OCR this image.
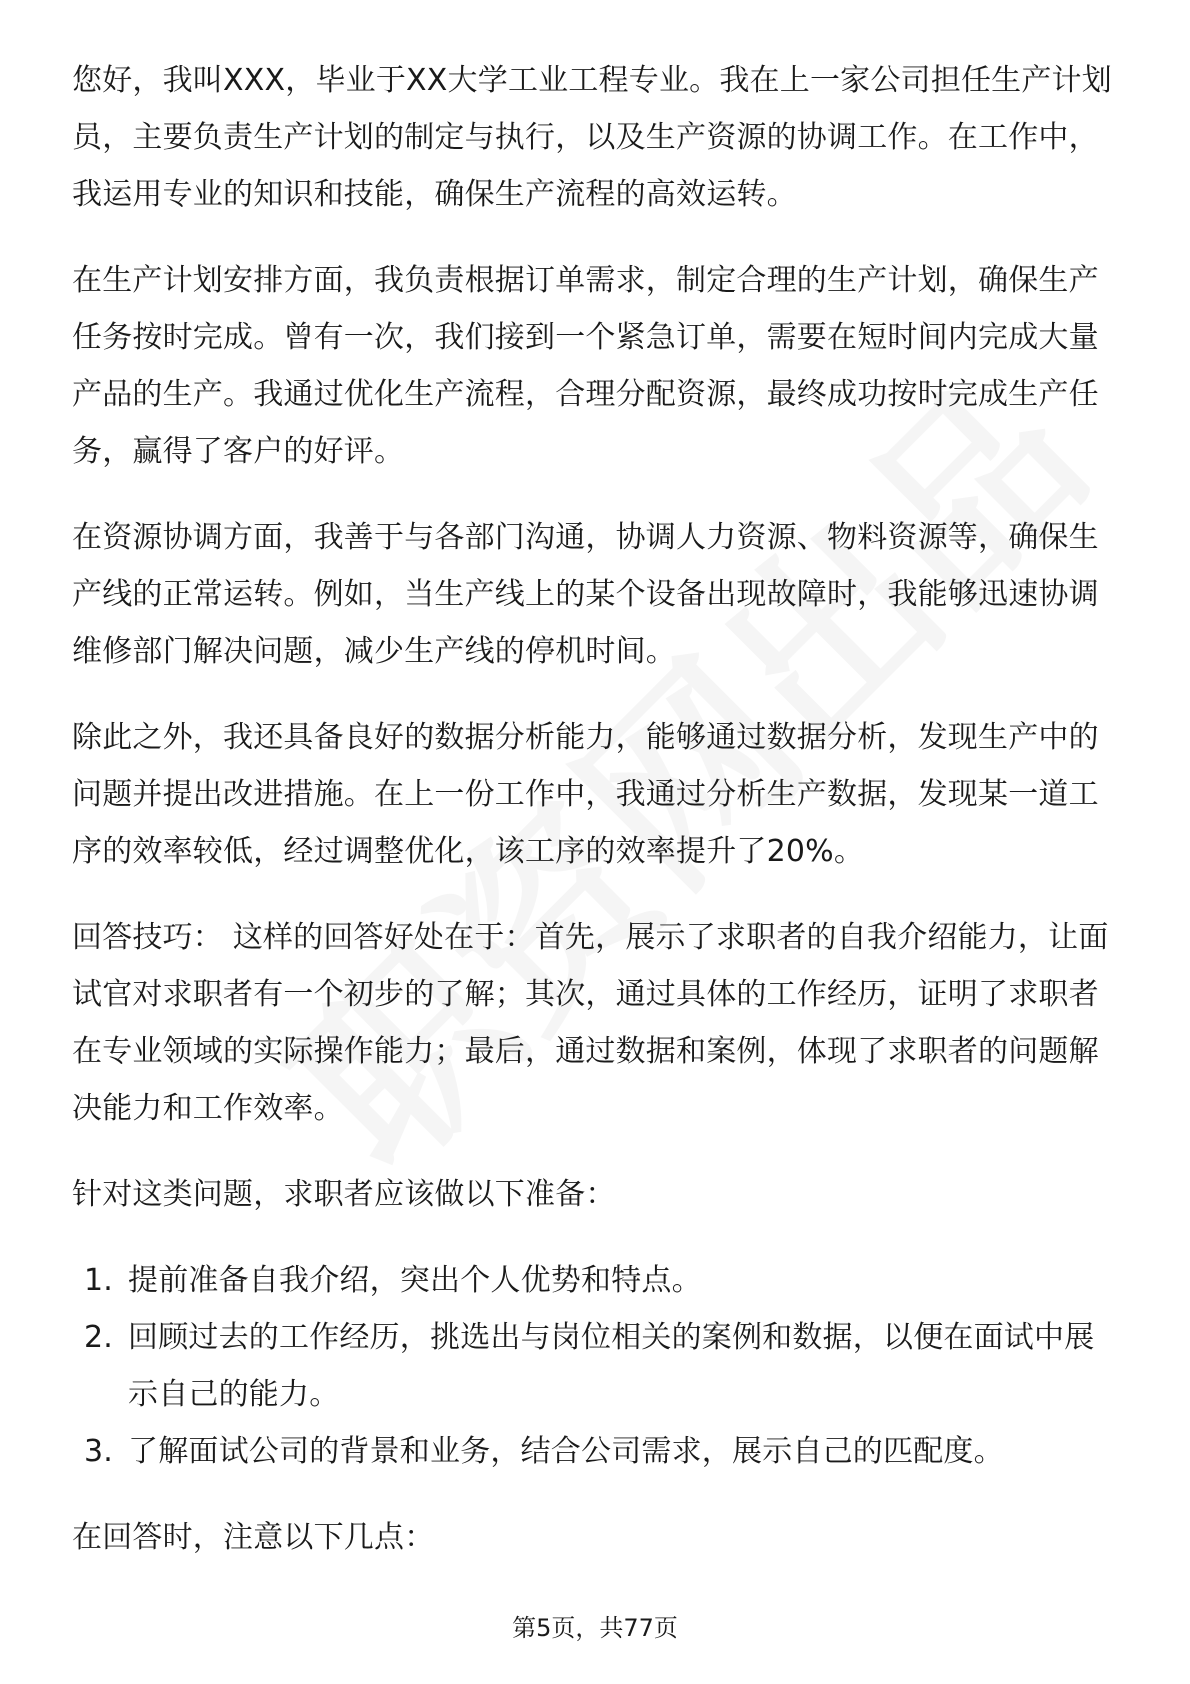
您好，我叫XXX，毕业于XX大学工业工程专业。我在上一家公司担任生产计划员，主要负责生产计划的制定与执行，以及生产资源的协调工作。在工作中，我运用专业的知识和技能，确保生产流程的高效运转。

在生产计划安排方面，我负责根据订单需求，制定合理的生产计划，确保生产任务按时完成。曾有一次，我们接到一个紧急订单，需要在短时间内完成大量产品的生产。我通过优化生产流程，合理分配资源，最终成功按时完成生产任务，赢得了客户的好评。

在资源协调方面，我善于与各部门沟通，协调人力资源、物料资源等，确保生产线的正常运转。例如，当生产线上的某个设备出现故障时，我能够迅速协调维修部门解决问题，减少生产线的停机时间。

除此之外，我还具备良好的数据分析能力，能够通过数据分析，发现生产中的问题并提出改进措施。在上一份工作中，我通过分析生产数据，发现某一道工序的效率较低，经过调整优化，该工序的效率提升了20%。

回答技巧： 这样的回答好处在于：首先，展示了求职者的自我介绍能力，让面试官对求职者有一个初步的了解；其次，通过具体的工作经历，证明了求职者在专业领域的实际操作能力；最后，通过数据和案例，体现了求职者的问题解决能力和工作效率。

针对这类问题，求职者应该做以下准备：

1. 提前准备自我介绍，突出个人优势和特点。
2. 回顾过去的工作经历，挑选出与岗位相关的案例和数据，以便在面试中展示自己的能力。
3. 了解面试公司的背景和业务，结合公司需求，展示自己的匹配度。

在回答时，注意以下几点：

第5页，共77页
